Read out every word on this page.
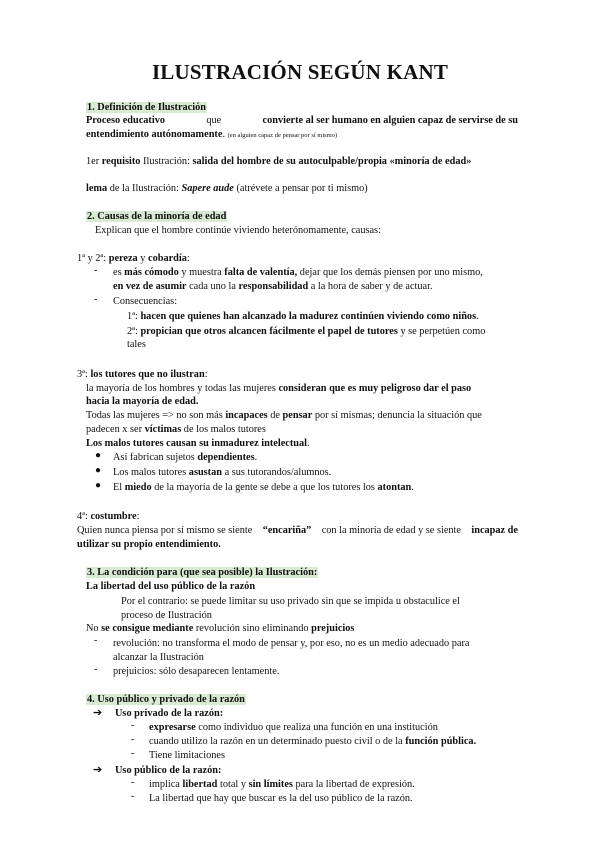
ILUSTRACIÓN SEGÚN KANT
1. Definición de Ilustración
Proceso educativo	que	convierte al ser humano en alguien capaz de servirse de su
entendimiento autónomamente. (en alguien capaz de pensar por sí mismo)
1er requisito Ilustración: salida del hombre de su autoculpable/propia «minoría de edad»
lema de la Ilustración: Sapere aude (atrévete a pensar por ti mismo)
2. Causas de la minoría de edad
Explican que el hombre continúe viviendo heterónomamente, causas:
1ª y 2ª: pereza y cobardía:
- es más cómodo y muestra falta de valentía, dejar que los demás piensen por uno mismo,
en vez de asumir cada uno la responsabilidad a la hora de saber y de actuar.
- Consecuencias:
1ª: hacen que quienes han alcanzado la madurez continúen viviendo como niños.
2ª: propician que otros alcancen fácilmente el papel de tutores y se perpetúen como
tales
3ª: los tutores que no ilustran:
la mayoría de los hombres y todas las mujeres consideran que es muy peligroso dar el paso
hacia la mayoría de edad.
Todas las mujeres => no son más incapaces de pensar por sí mismas; denuncia la situación que
padecen x ser víctimas de los malos tutores
Los malos tutores causan su inmadurez intelectual.
● Así fabrican sujetos dependientes.
● Los malos tutores asustan a sus tutorandos/alumnos.
● El miedo de la mayoría de la gente se debe a que los tutores los atontan.
4ª: costumbre:
Quien nunca piensa por sí mismo se siente “encariña” con la minoría de edad y se siente incapaz de
utilizar su propio entendimiento.
3. La condición para (que sea posible) la Ilustración:
La libertad del uso público de la razón
Por el contrario: se puede limitar su uso privado sin que se impida u obstaculice el
proceso de Ilustración
No se consigue mediante revolución sino eliminando prejuicios
- revolución: no transforma el modo de pensar y, por eso, no es un medio adecuado para
alcanzar la Ilustración
- prejuicios: sólo desaparecen lentamente.
4. Uso público y privado de la razón
➔ Uso privado de la razón:
- expresarse como individuo que realiza una función en una institución
- cuando utilizo la razón en un determinado puesto civil o de la función pública.
- Tiene limitaciones
➔ Uso público de la razón:
- implica libertad total y sin límites para la libertad de expresión.
- La libertad que hay que buscar es la del uso público de la razón.
